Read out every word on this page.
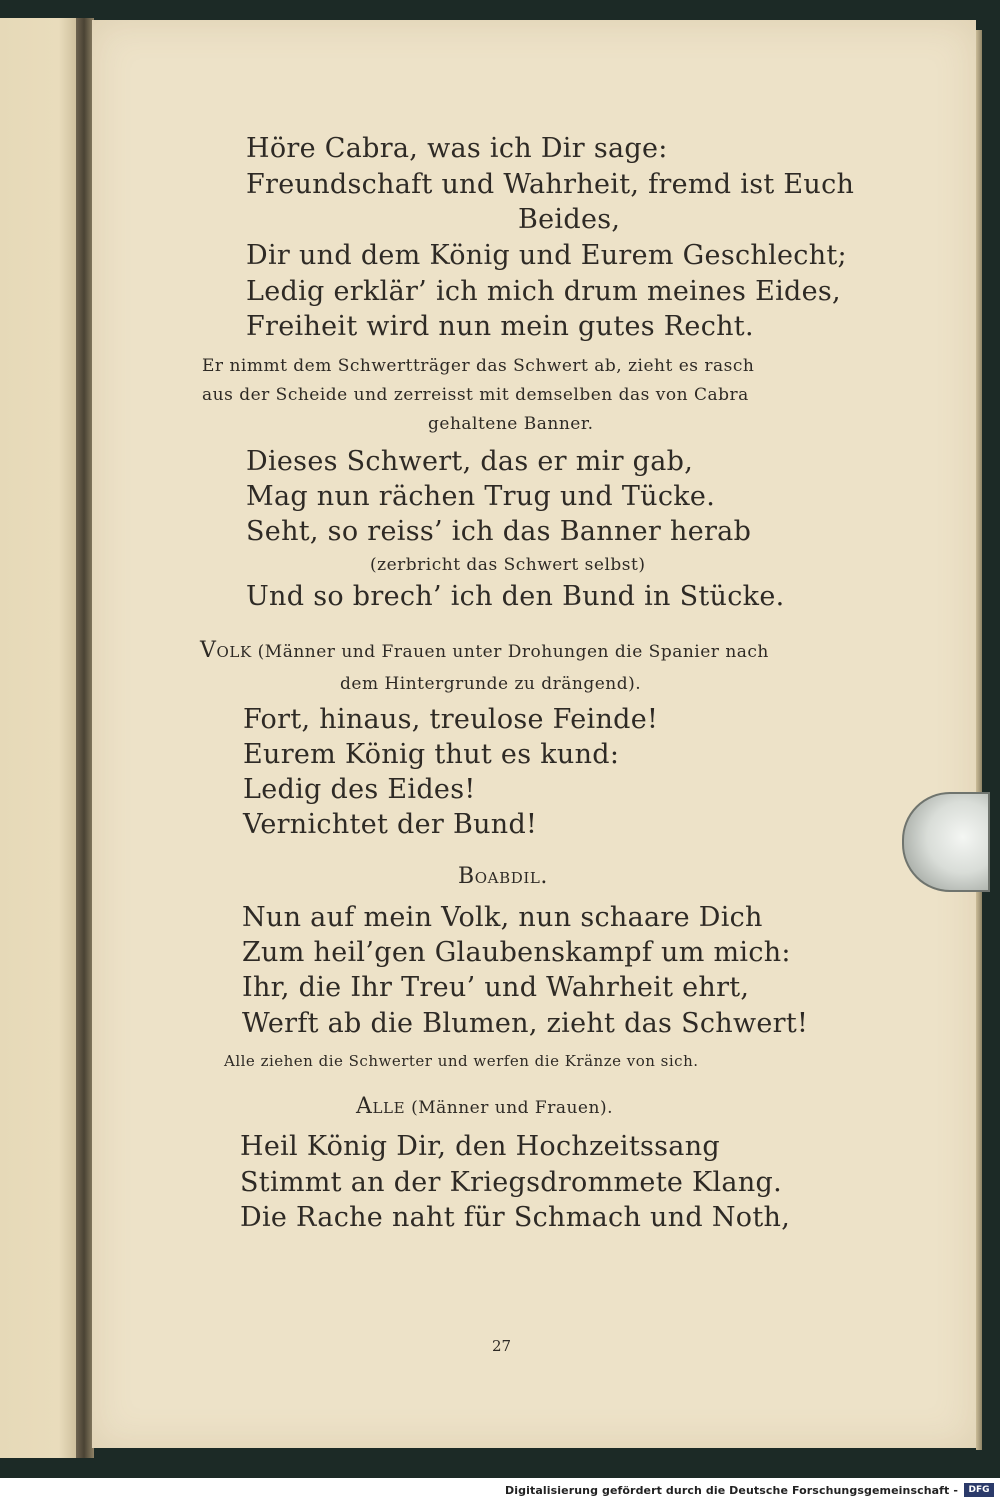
Höre Cabra, was ich Dir sage:
Freundschaft und Wahrheit, fremd ist Euch
Beides,
Dir und dem König und Eurem Geschlecht;
Ledig erklär’ ich mich drum meines Eides,
Freiheit wird nun mein gutes Recht.
Er nimmt dem Schwertträger das Schwert ab, zieht es rasch
aus der Scheide und zerreisst mit demselben das von Cabra
gehaltene Banner.
Dieses Schwert, das er mir gab,
Mag nun rächen Trug und Tücke.
Seht, so reiss’ ich das Banner herab
(zerbricht das Schwert selbst)
Und so brech’ ich den Bund in Stücke.
Volk (Männer und Frauen unter Drohungen die Spanier nach
dem Hintergrunde zu drängend).
Fort, hinaus, treulose Feinde!
Eurem König thut es kund:
Ledig des Eides!
Vernichtet der Bund!
Boabdil.
Nun auf mein Volk, nun schaare Dich
Zum heil’gen Glaubenskampf um mich:
Ihr, die Ihr Treu’ und Wahrheit ehrt,
Werft ab die Blumen, zieht das Schwert!
Alle ziehen die Schwerter und werfen die Kränze von sich.
Alle (Männer und Frauen).
Heil König Dir, den Hochzeitssang
Stimmt an der Kriegsdrommete Klang.
Die Rache naht für Schmach und Noth,
27
Digitalisierung gefördert durch die Deutsche Forschungsgemeinschaft -	DFG
